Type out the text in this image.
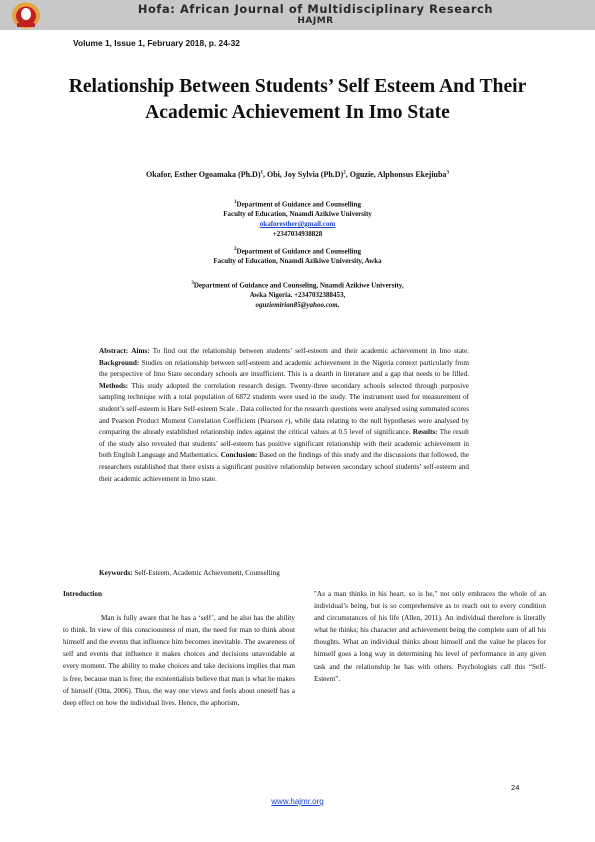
Hofa: African Journal of Multidisciplinary Research
HAJMR
Volume 1, Issue 1, February 2018, p. 24-32
Relationship Between Students’ Self Esteem And Their Academic Achievement In Imo State
Okafor, Esther Ogoamaka $(Ph.D)^1$, Obi, Joy Sylvia $(Ph.D)^2$, Oguzie, Alphonsus Ekejiuba$^3$
$^1$Department of Guidance and Counselling
Faculty of Education, Nnamdi Azikiwe University
okaforesther@gmail.com
+2347034938828
$^2$Department of Guidance and Counselling
Faculty of Education, Nnamdi Azikiwe University, Awka
$^3$Department of Guidance and Counseling, Nnamdi Azikiwe University,
Awka Nigeria. +2347032388453,
oguziemirian85@yahoo.com.
Abstract: Aims: To find out the relationship between students’ self-esteem and their academic achievement in Imo state. Background: Studies on relationship between self-esteem and academic achievement in the Nigeria context particularly from the perspective of Imo State secondary schools are insufficient. This is a dearth in literature and a gap that needs to be filled. Methods: This study adopted the correlation research design. Twenty-three secondary schools selected through purposive sampling technique with a total population of 6872 students were used in the study. The instrument used for measurement of student’s self-esteem is Hare Self-esteem Scale . Data collected for the research questions were analysed using summated scores and Pearson Product Moment Correlation Coefficient (Pearson r), while data relating to the null hypotheses were analysed by comparing the already established relationship index against the critical values at 0.5 level of significance. Results: The result of the study also revealed that students’ self-esteem has positive significant relationship with their academic achievement in both English Language and Mathematics. Conclusion: Based on the findings of this study and the discussions that followed, the researchers established that there exists a significant positive relationship between secondary school students’ self-esteem and their academic achievement in Imo state.
Keywords: Self-Esteem, Academic Achievement, Counselling
Introduction
Man is fully aware that he has a ‘self’, and he also has the ability to think. In view of this consciousness of man, the need for man to think about himself and the events that influence him becomes inevitable. The awareness of self and events that influence it makes choices and decisions unavoidable at every moment. The ability to make choices and take decisions implies that man is free, because man is free; the existentialists believe that man is what he makes of himself (Otta, 2006). Thus, the way one views and feels about oneself has a deep effect on how the individual lives. Hence, the aphorism,
"As a man thinks in his heart, so is he," not only embraces the whole of an individual’s being, but is so comprehensive as to reach out to every condition and circumstances of his life (Allen, 2011). An individual therefore is literally what he thinks; his character and achievement being the complete sum of all his thoughts. What an individual thinks about himself and the value he places for himself goes a long way in determining his level of performance in any given task and the relationship he has with others. Psychologists call this “Self-Esteem”.
24
www.hajmr.org
